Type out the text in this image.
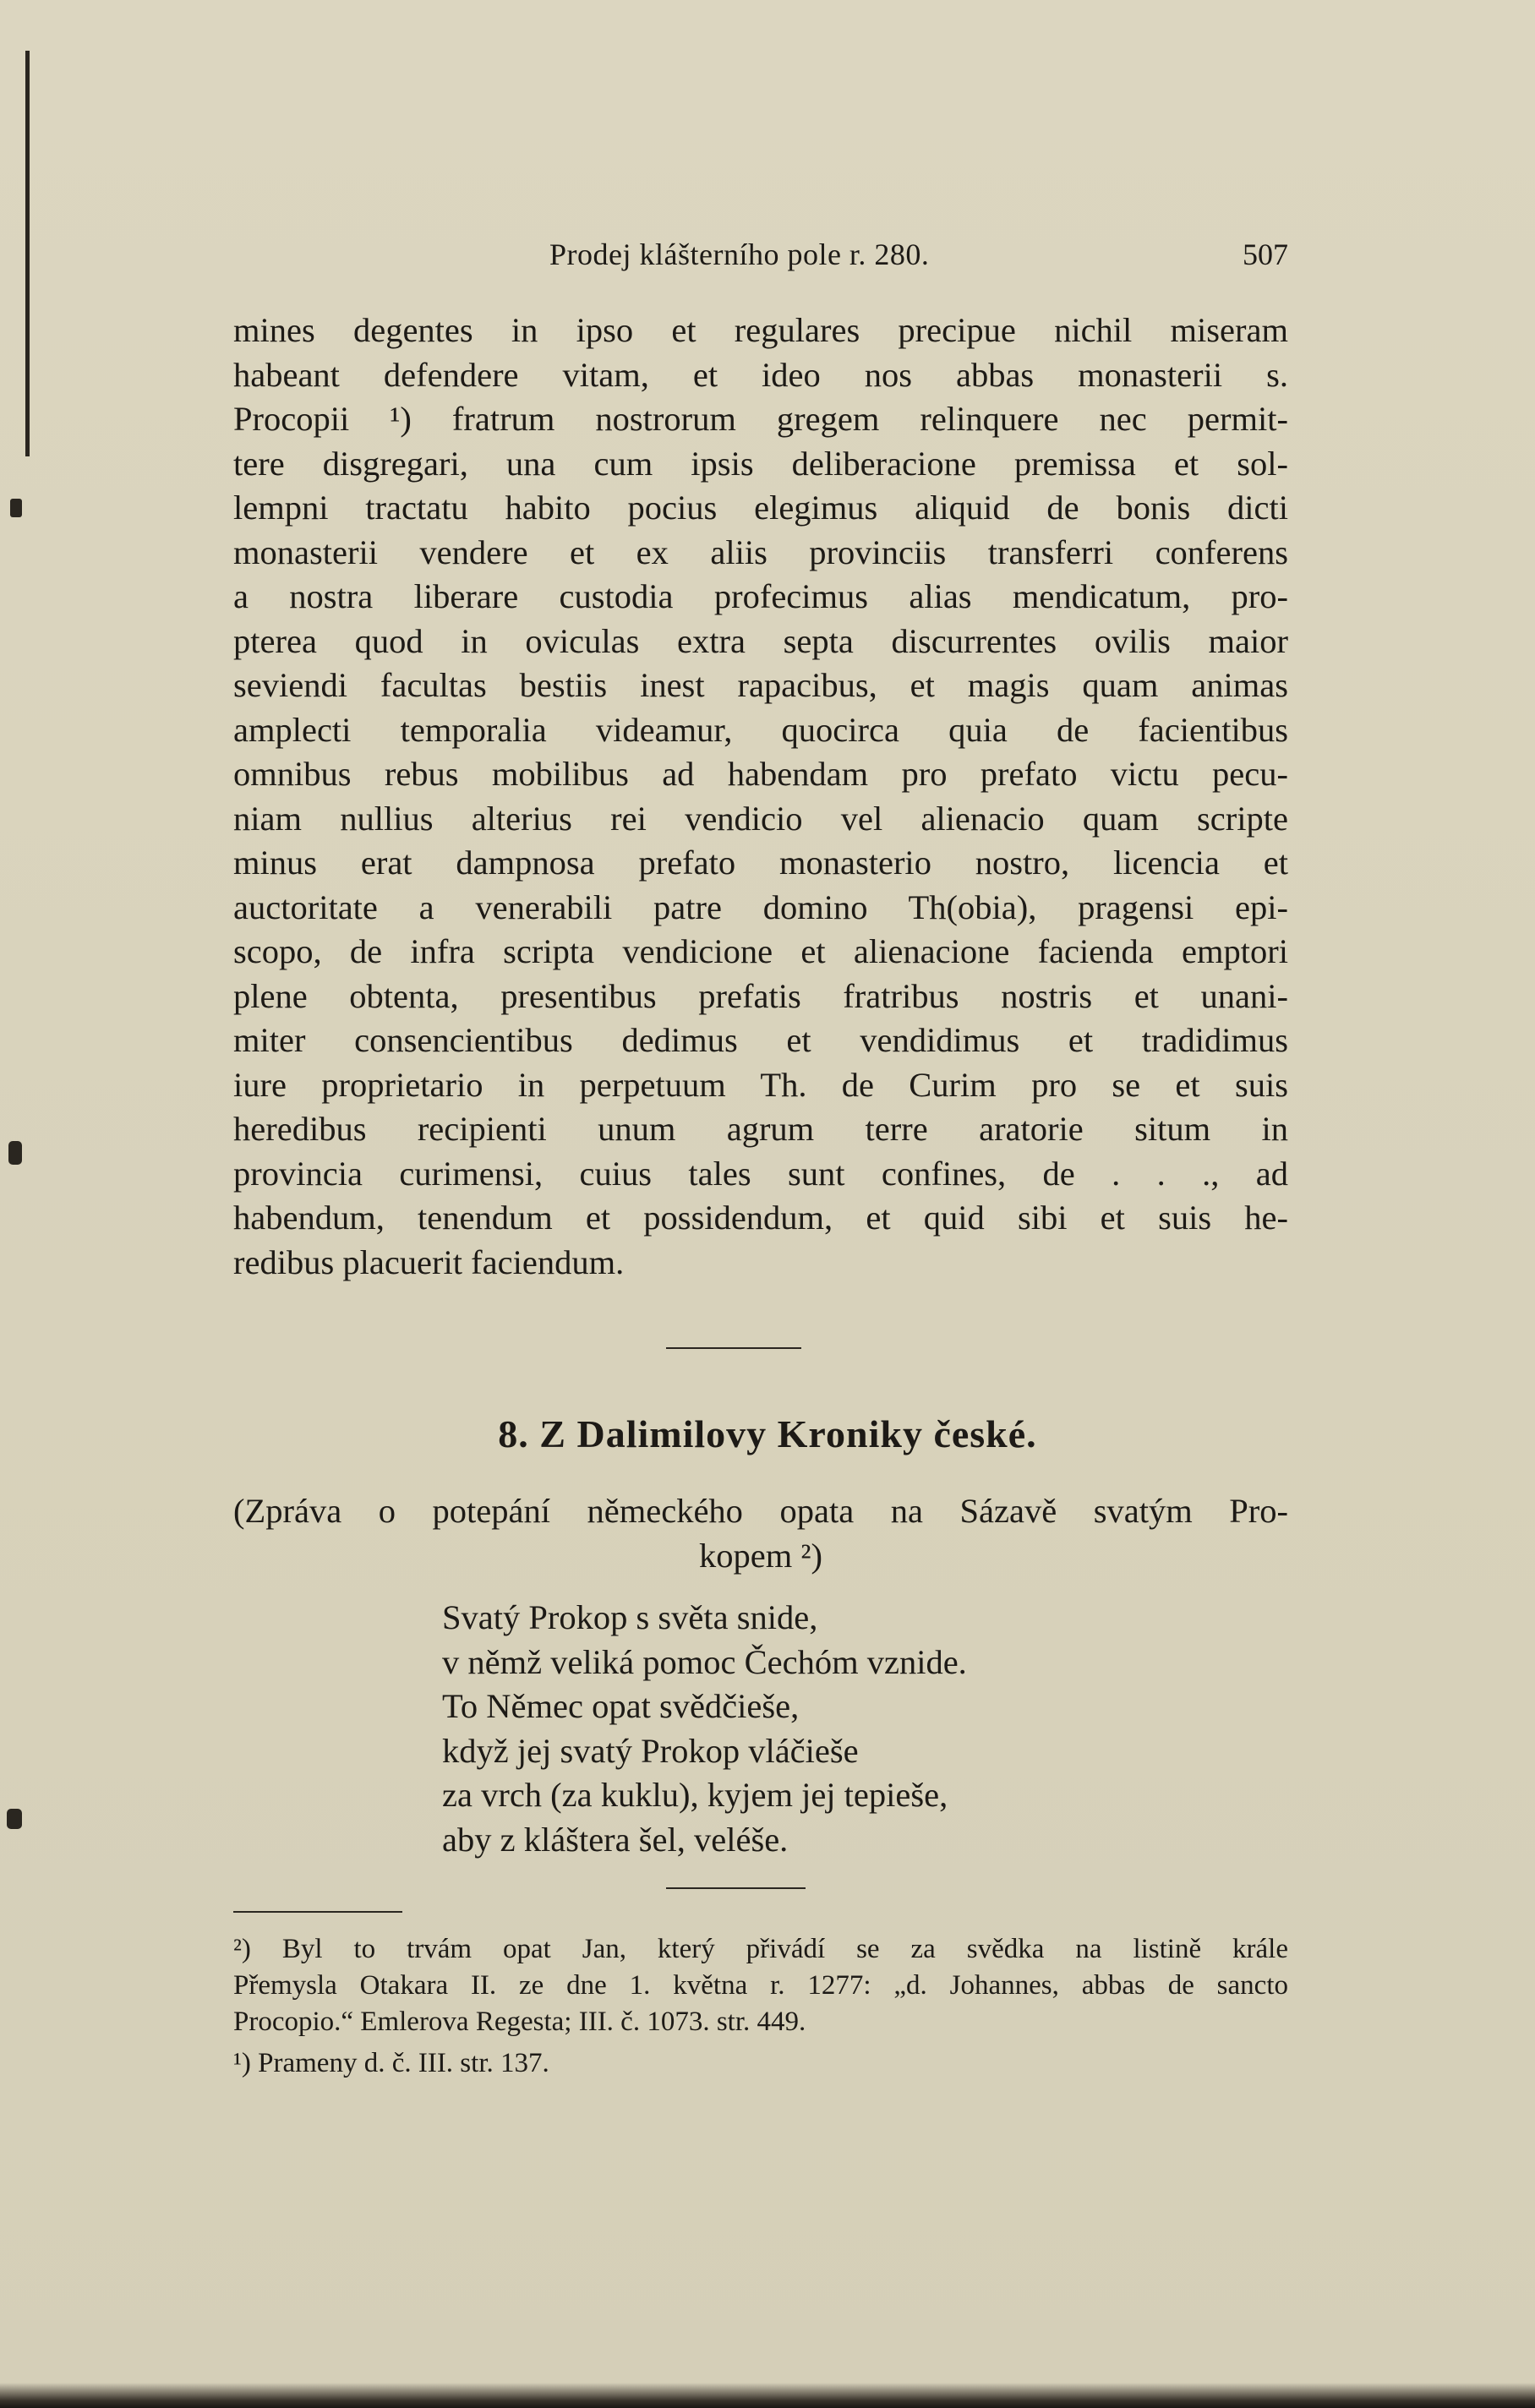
Prodej klášterního pole r. 280.	507
mines degentes in ipso et regulares precipue nichil miseram
habeant defendere vitam, et ideo nos abbas monasterii s.
Procopii ¹) fratrum nostrorum gregem relinquere nec permit-
tere disgregari, una cum ipsis deliberacione premissa et sol-
lempni tractatu habito pocius elegimus aliquid de bonis dicti
monasterii vendere et ex aliis provinciis transferri conferens
a nostra liberare custodia profecimus alias mendicatum, pro-
pterea quod in oviculas extra septa discurrentes ovilis maior
seviendi facultas bestiis inest rapacibus, et magis quam animas
amplecti temporalia videamur, quocirca quia de facientibus
omnibus rebus mobilibus ad habendam pro prefato victu pecu-
niam nullius alterius rei vendicio vel alienacio quam scripte
minus erat dampnosa prefato monasterio nostro, licencia et
auctoritate a venerabili patre domino Th(obia), pragensi epi-
scopo, de infra scripta vendicione et alienacione facienda emptori
plene obtenta, presentibus prefatis fratribus nostris et unani-
miter consencientibus dedimus et vendidimus et tradidimus
iure proprietario in perpetuum Th. de Curim pro se et suis
heredibus recipienti unum agrum terre aratorie situm in
provincia curimensi, cuius tales sunt confines, de . . ., ad
habendum, tenendum et possidendum, et quid sibi et suis he-
redibus placuerit faciendum.
8. Z Dalimilovy Kroniky české.
(Zpráva o potepání německého opata na Sázavě svatým Pro-
kopem ²)
Svatý Prokop s světa snide,
v němž veliká pomoc Čechóm vznide.
To Němec opat svědčieše,
když jej svatý Prokop vláčieše
za vrch (za kuklu), kyjem jej tepieše,
aby z kláštera šel, veléše.
²) Byl to trvám opat Jan, který přivádí se za svědka na listině krále
Přemysla Otakara II. ze dne 1. května r. 1277: „d. Johannes, abbas de sancto
Procopio.“ Emlerova Regesta; III. č. 1073. str. 449.
¹) Prameny d. č. III. str. 137.
